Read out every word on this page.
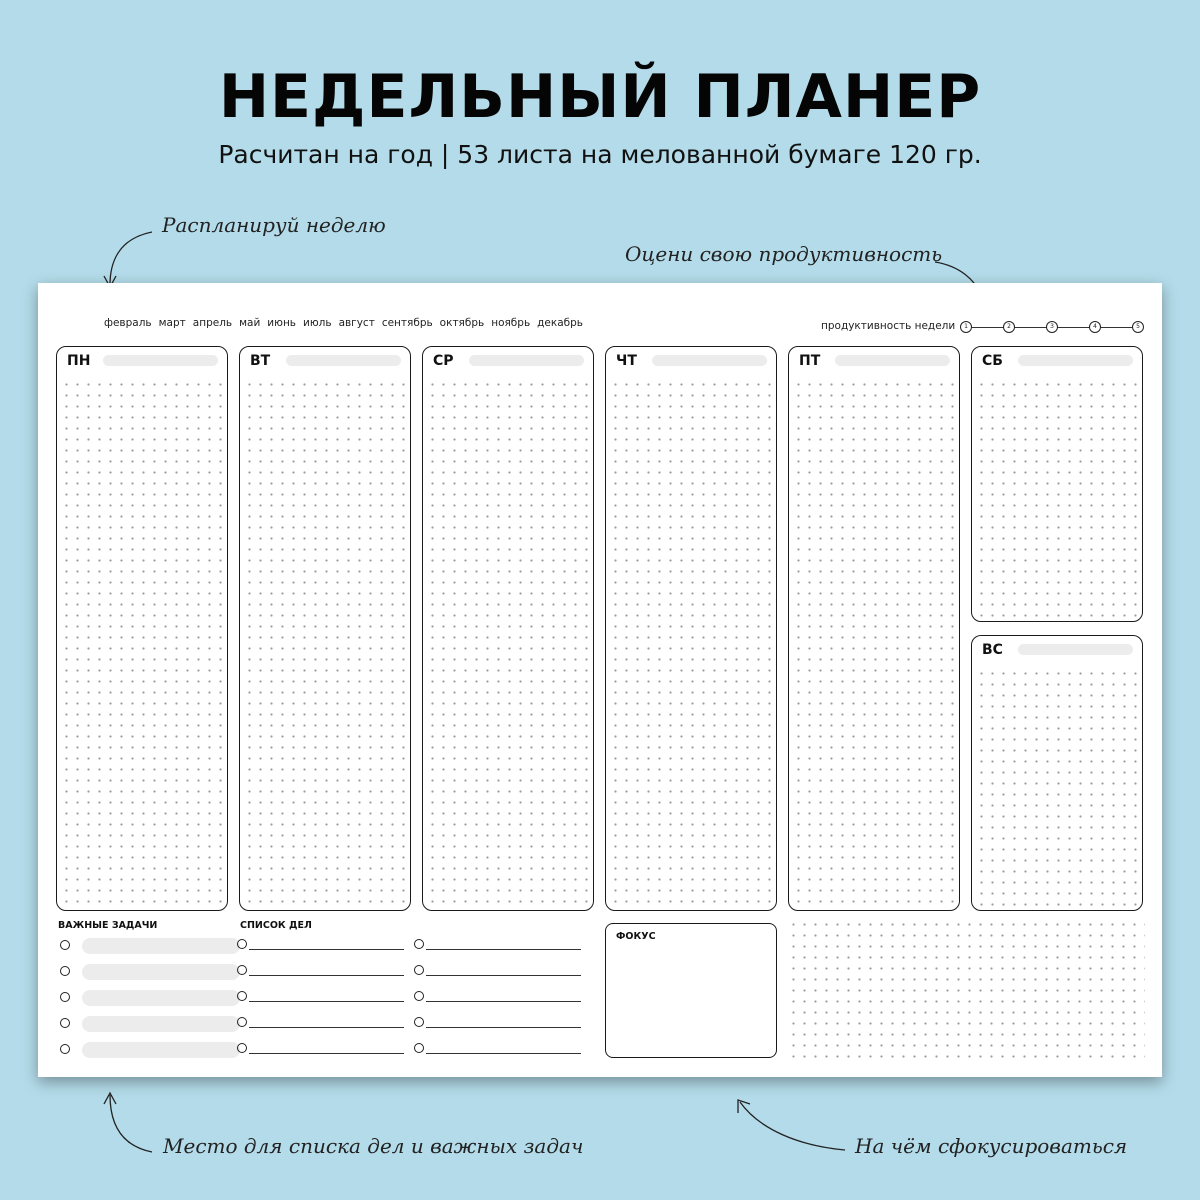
НЕДЕЛЬНЫЙ ПЛАНЕР
Расчитан на год | 53 листа на мелованной бумаге 120 гр.
Распланируй неделю
Оцени свою продуктивность
Место для списка дел и важных задач	На чём сфокусироваться
февраль март апрель май июнь июль август сентябрь октябрь ноябрь декабрь	продуктивность недели	1	2	3	4	5
ПН	ВТ	СР	ЧТ	ПТ	СБ
ВС
ВАЖНЫЕ ЗАДАЧИ	СПИСОК ДЕЛ
ФОКУС
